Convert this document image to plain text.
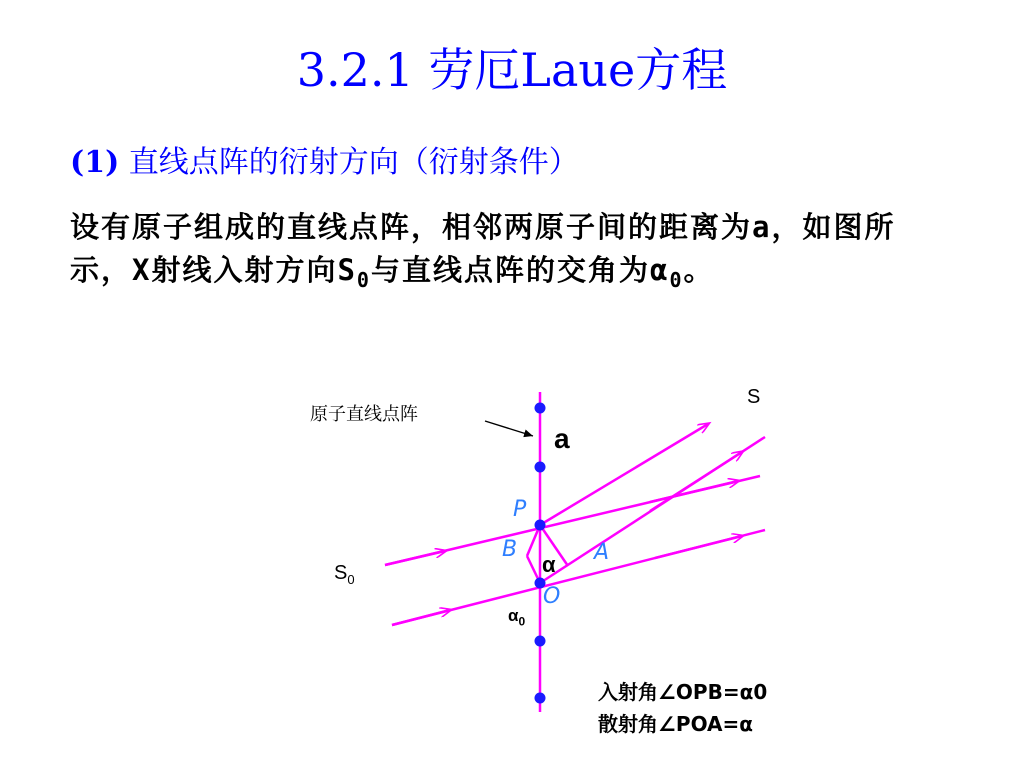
3.2.1 劳厄Laue方程
(1) 直线点阵的衍射方向（衍射条件）
设有原子组成的直线点阵，相邻两原子间的距离为a，如图所示，X射线入射方向$S_0$与直线点阵的交角为$\alpha_0$。
原子直线点阵
a
S
$S_0$
P
B	A
O
α
$\alpha_0$
入射角∠OPB=α0
散射角∠POA=α
